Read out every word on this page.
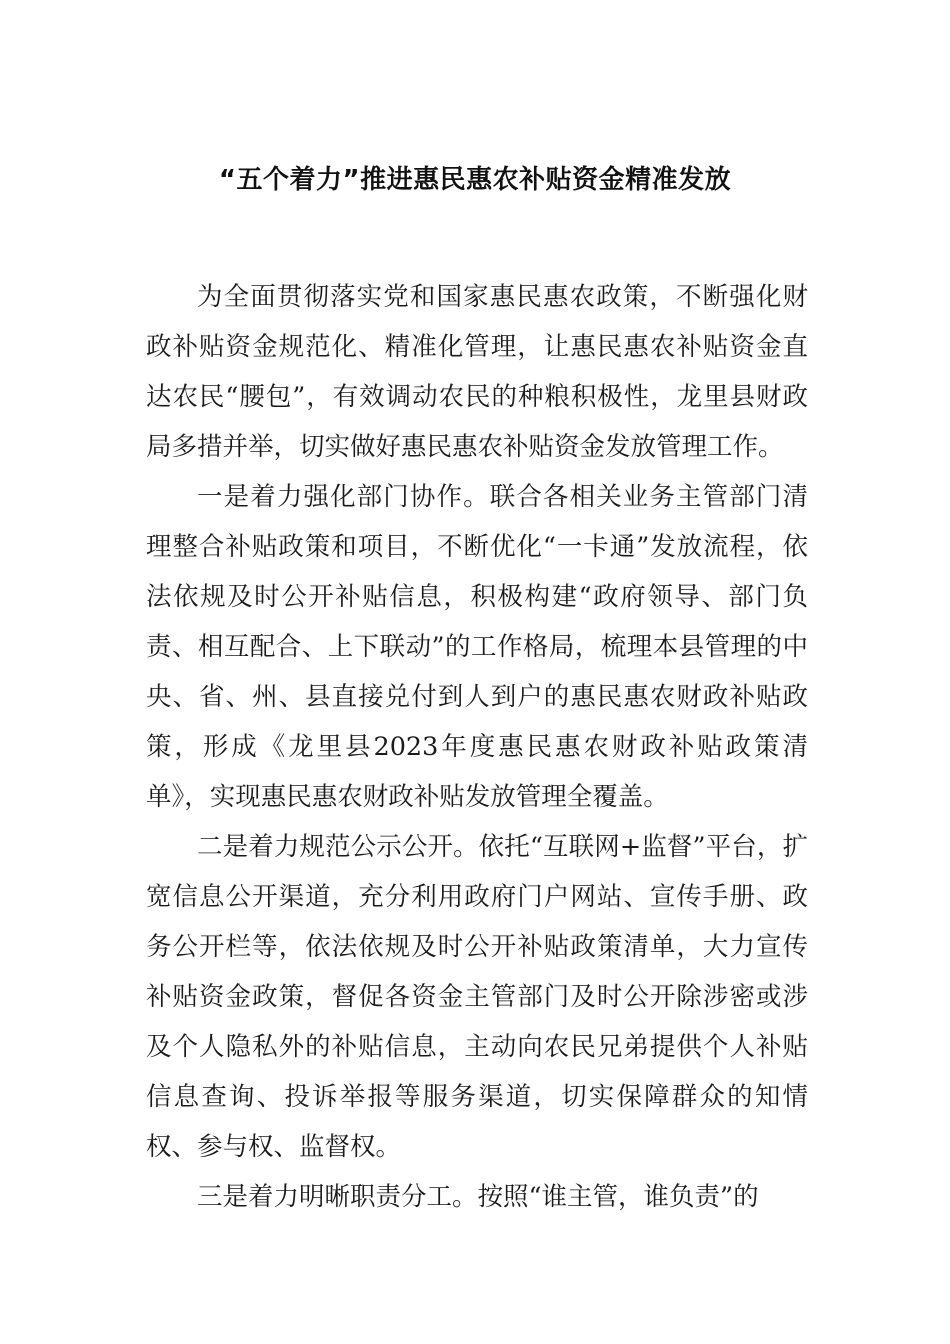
“五个着力”推进惠民惠农补贴资金精准发放

为全面贯彻落实党和国家惠民惠农政策，不断强化财政补贴资金规范化、精准化管理，让惠民惠农补贴资金直达农民“腰包”，有效调动农民的种粮积极性，龙里县财政局多措并举，切实做好惠民惠农补贴资金发放管理工作。

一是着力强化部门协作。联合各相关业务主管部门清理整合补贴政策和项目，不断优化“一卡通”发放流程，依法依规及时公开补贴信息，积极构建“政府领导、部门负责、相互配合、上下联动”的工作格局，梳理本县管理的中央、省、州、县直接兑付到人到户的惠民惠农财政补贴政策，形成《龙里县2023年度惠民惠农财政补贴政策清单》，实现惠民惠农财政补贴发放管理全覆盖。

二是着力规范公示公开。依托“互联网+监督”平台，扩宽信息公开渠道，充分利用政府门户网站、宣传手册、政务公开栏等，依法依规及时公开补贴政策清单，大力宣传补贴资金政策，督促各资金主管部门及时公开除涉密或涉及个人隐私外的补贴信息，主动向农民兄弟提供个人补贴信息查询、投诉举报等服务渠道，切实保障群众的知情权、参与权、监督权。

三是着力明晰职责分工。按照“谁主管，谁负责”的
